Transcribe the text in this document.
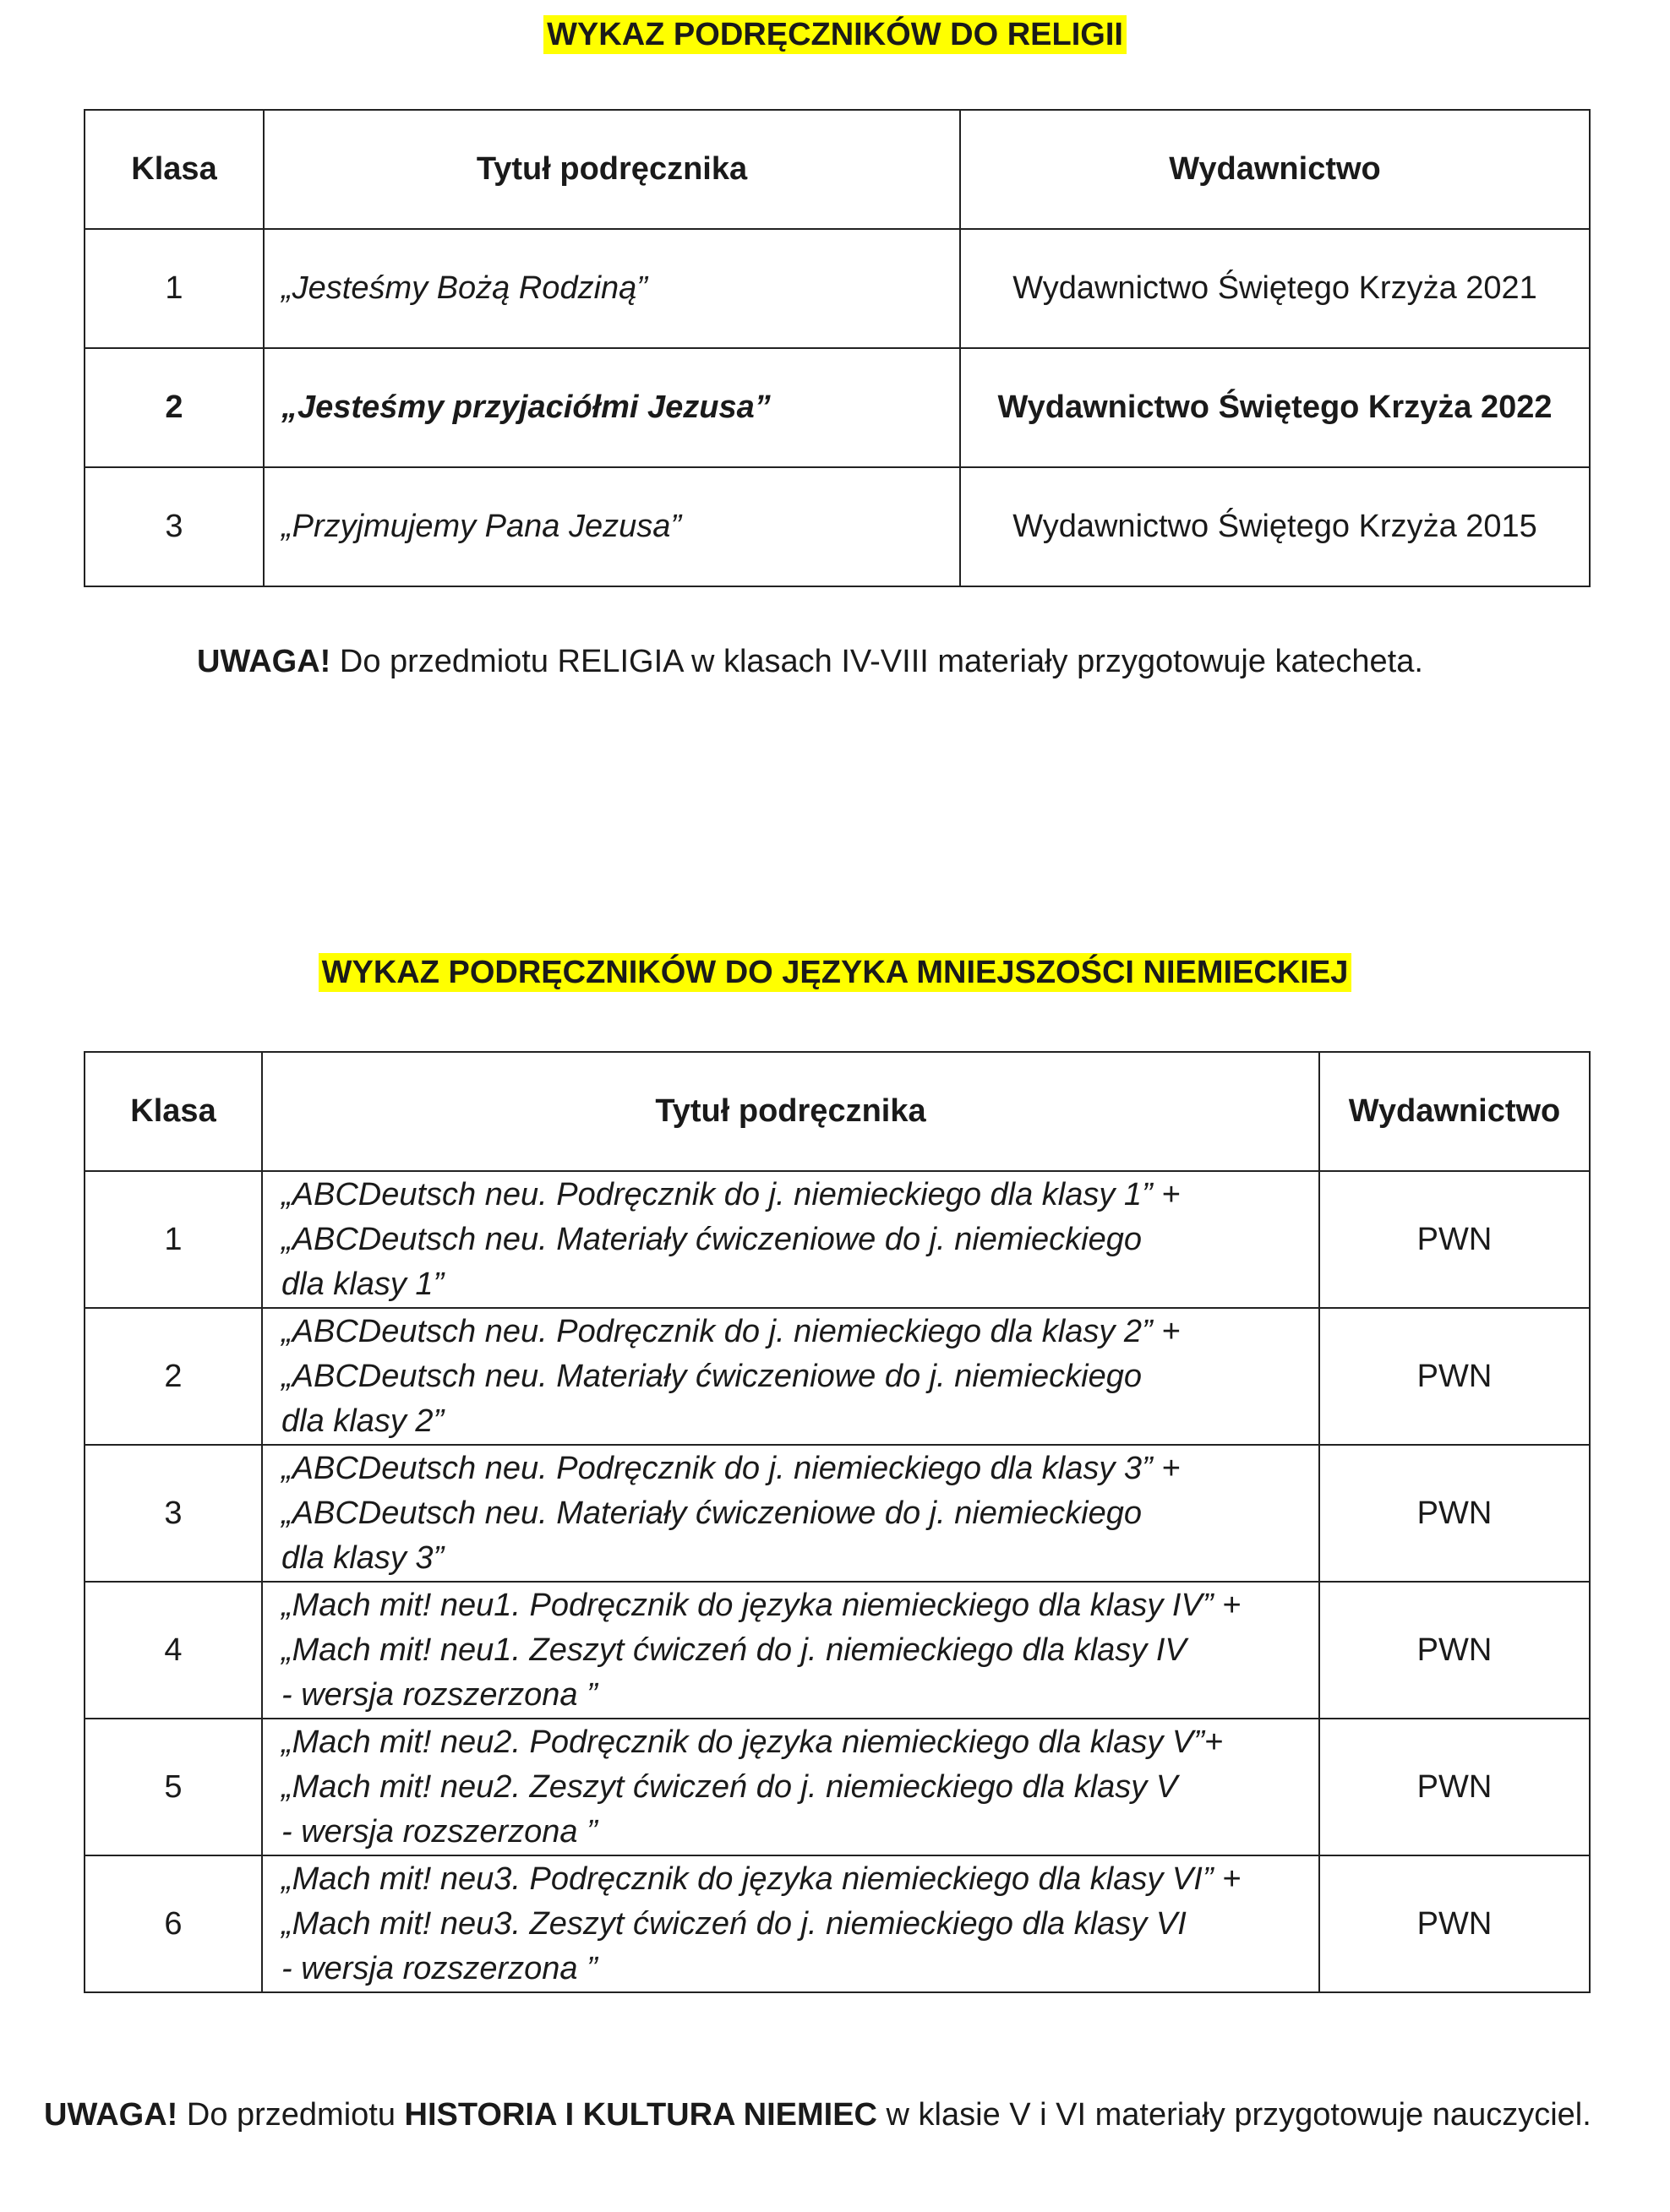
WYKAZ PODRĘCZNIKÓW DO RELIGII
Klasa	Tytuł podręcznika	Wydawnictwo
1	„Jesteśmy Bożą Rodziną”	Wydawnictwo Świętego Krzyża 2021
2	„Jesteśmy przyjaciółmi Jezusa”	Wydawnictwo Świętego Krzyża 2022
3	„Przyjmujemy Pana Jezusa”	Wydawnictwo Świętego Krzyża 2015
UWAGA! Do przedmiotu RELIGIA w klasach IV-VIII materiały przygotowuje katecheta.
WYKAZ PODRĘCZNIKÓW DO JĘZYKA MNIEJSZOŚCI NIEMIECKIEJ
Klasa	Tytuł podręcznika	Wydawnictwo
1	„ABCDeutsch neu. Podręcznik do j. niemieckiego dla klasy 1” +
„ABCDeutsch neu. Materiały ćwiczeniowe do j. niemieckiego
dla klasy 1”	PWN
2	„ABCDeutsch neu. Podręcznik do j. niemieckiego dla klasy 2” +
„ABCDeutsch neu. Materiały ćwiczeniowe do j. niemieckiego
dla klasy 2”	PWN
3	„ABCDeutsch neu. Podręcznik do j. niemieckiego dla klasy 3” +
„ABCDeutsch neu. Materiały ćwiczeniowe do j. niemieckiego
dla klasy 3”	PWN
4	„Mach mit! neu1. Podręcznik do języka niemieckiego dla klasy IV” +
„Mach mit! neu1. Zeszyt ćwiczeń do j. niemieckiego dla klasy IV
- wersja rozszerzona ”	PWN
5	„Mach mit! neu2. Podręcznik do języka niemieckiego dla klasy V”+
„Mach mit! neu2. Zeszyt ćwiczeń do j. niemieckiego dla klasy V
- wersja rozszerzona ”	PWN
6	„Mach mit! neu3. Podręcznik do języka niemieckiego dla klasy VI” +
„Mach mit! neu3. Zeszyt ćwiczeń do j. niemieckiego dla klasy VI
- wersja rozszerzona ”	PWN
UWAGA! Do przedmiotu HISTORIA I KULTURA NIEMIEC w klasie V i VI materiały przygotowuje nauczyciel.
